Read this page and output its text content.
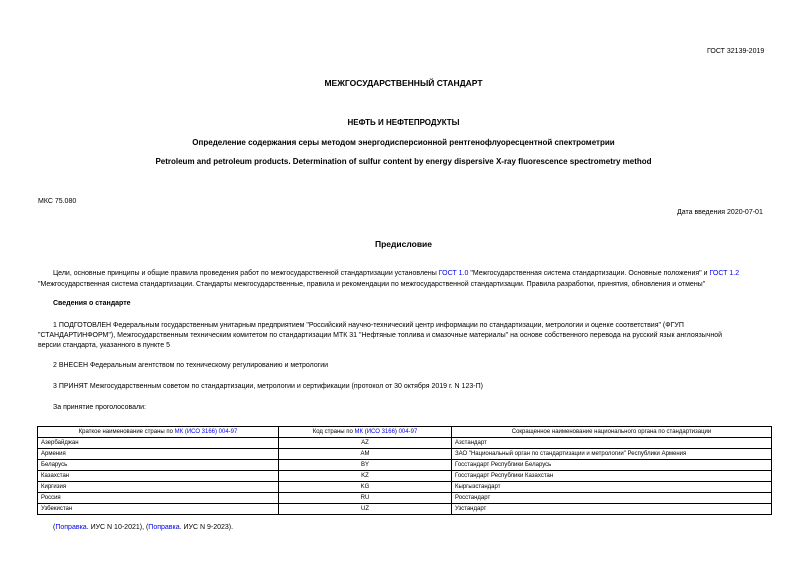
ГОСТ 32139-2019
МЕЖГОСУДАРСТВЕННЫЙ СТАНДАРТ
НЕФТЬ И НЕФТЕПРОДУКТЫ
Определение содержания серы методом энергодисперсионной рентгенофлуоресцентной спектрометрии
Petroleum and petroleum products. Determination of sulfur content by energy dispersive X-ray fluorescence spectrometry method
МКС 75.080
Дата введения 2020-07-01
Предисловие
Цели, основные принципы и общие правила проведения работ по межгосударственной стандартизации установлены ГОСТ 1.0 "Межгосударственная система стандартизации. Основные положения" и ГОСТ 1.2
"Межгосударственная система стандартизации. Стандарты межгосударственные, правила и рекомендации по межгосударственной стандартизации. Правила разработки, принятия, обновления и отмены"
Сведения о стандарте
1 ПОДГОТОВЛЕН Федеральным государственным унитарным предприятием "Российский научно-технический центр информации по стандартизации, метрологии и оценке соответствия" (ФГУП
"СТАНДАРТИНФОРМ"), Межгосударственным техническим комитетом по стандартизации МТК 31 "Нефтяные топлива и смазочные материалы" на основе собственного перевода на русский язык англоязычной
версии стандарта, указанного в пункте 5
2 ВНЕСЕН Федеральным агентством по техническому регулированию и метрологии
3 ПРИНЯТ Межгосударственным советом по стандартизации, метрологии и сертификации (протокол от 30 октября 2019 г. N 123-П)
За принятие проголосовали:
Краткое наименование страны по МК (ИСО 3166) 004-97	Код страны по МК (ИСО 3166) 004-97	Сокращенное наименование национального органа по стандартизации
Азербайджан	AZ	Азстандарт
Армения	AM	ЗАО "Национальный орган по стандартизации и метрологии" Республики Армения
Беларусь	BY	Госстандарт Республики Беларусь
Казахстан	KZ	Госстандарт Республики Казахстан
Киргизия	KG	Кыргызстандарт
Россия	RU	Росстандарт
Узбекистан	UZ	Узстандарт
(Поправка. ИУС N 10-2021), (Поправка. ИУС N 9-2023).
